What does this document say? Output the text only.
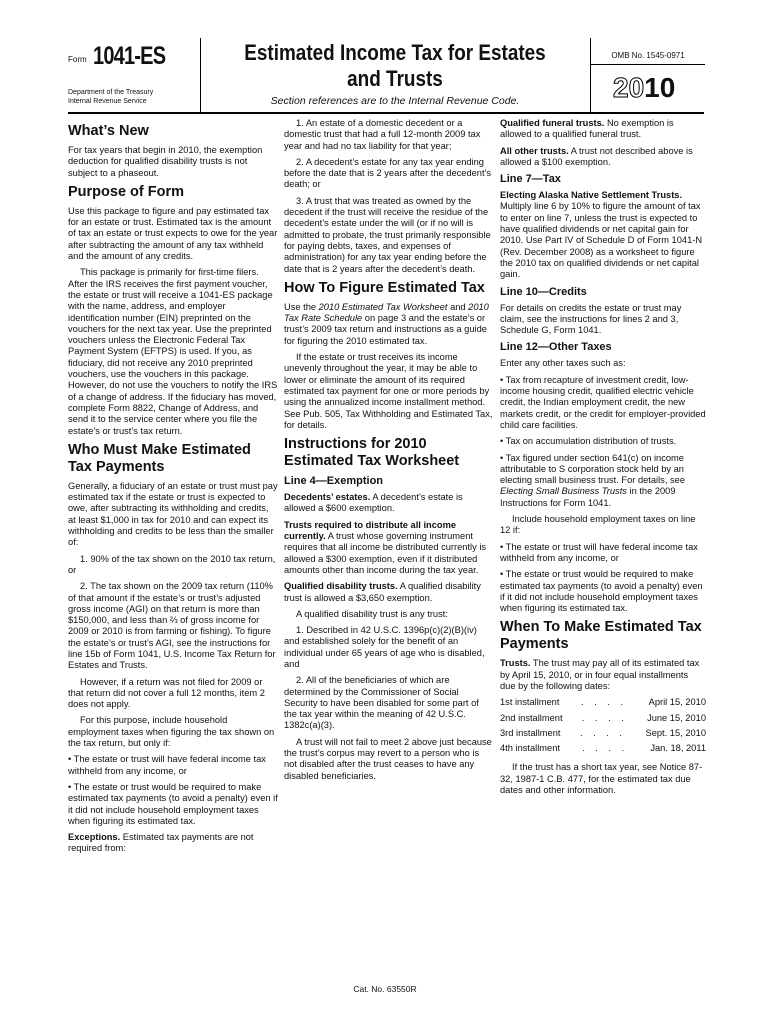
Form 1041-ES
Department of the Treasury
Internal Revenue Service
Estimated Income Tax for Estates
and Trusts
Section references are to the Internal Revenue Code.
OMB No. 1545-0971
2010
What’s New

For tax years that begin in 2010, the exemption deduction for qualified disability trusts is not subject to a phaseout.

Purpose of Form

Use this package to figure and pay estimated tax for an estate or trust. Estimated tax is the amount of tax an estate or trust expects to owe for the year after subtracting the amount of any tax withheld and the amount of any credits.

This package is primarily for first-time filers. After the IRS receives the first payment voucher, the estate or trust will receive a 1041-ES package with the name, address, and employer identification number (EIN) preprinted on the vouchers for the next tax year. Use the preprinted vouchers unless the Electronic Federal Tax Payment System (EFTPS) is used. If you, as fiduciary, did not receive any 2010 preprinted vouchers, use the vouchers in this package. However, do not use the vouchers to notify the IRS of a change of address. If the fiduciary has moved, complete Form 8822, Change of Address, and send it to the service center where you file the estate’s or trust’s tax return.

Who Must Make Estimated Tax Payments

Generally, a fiduciary of an estate or trust must pay estimated tax if the estate or trust is expected to owe, after subtracting its withholding and credits, at least $1,000 in tax for 2010 and can expect its withholding and credits to be less than the smaller of:

1. 90% of the tax shown on the 2010 tax return, or

2. The tax shown on the 2009 tax return (110% of that amount if the estate’s or trust’s adjusted gross income (AGI) on that return is more than $150,000, and less than ⅔ of gross income for 2009 or 2010 is from farming or fishing). To figure the estate’s or trust’s AGI, see the instructions for line 15b of Form 1041, U.S. Income Tax Return for Estates and Trusts.

However, if a return was not filed for 2009 or that return did not cover a full 12 months, item 2 does not apply.

For this purpose, include household employment taxes when figuring the tax shown on the tax return, but only if:

• The estate or trust will have federal income tax withheld from any income, or

• The estate or trust would be required to make estimated tax payments (to avoid a penalty) even if it did not include household employment taxes when figuring its estimated tax.

Exceptions. Estimated tax payments are not required from:

1. An estate of a domestic decedent or a domestic trust that had a full 12-month 2009 tax year and had no tax liability for that year;

2. A decedent’s estate for any tax year ending before the date that is 2 years after the decedent’s death; or

3. A trust that was treated as owned by the decedent if the trust will receive the residue of the decedent’s estate under the will (or if no will is admitted to probate, the trust primarily responsible for paying debts, taxes, and expenses of administration) for any tax year ending before the date that is 2 years after the decedent’s death.

How To Figure Estimated Tax

Use the 2010 Estimated Tax Worksheet and 2010 Tax Rate Schedule on page 3 and the estate’s or trust’s 2009 tax return and instructions as a guide for figuring the 2010 estimated tax.

If the estate or trust receives its income unevenly throughout the year, it may be able to lower or eliminate the amount of its required estimated tax payment for one or more periods by using the annualized income installment method. See Pub. 505, Tax Withholding and Estimated Tax, for details.

Instructions for 2010 Estimated Tax Worksheet
Line 4—Exemption

Decedents’ estates. A decedent’s estate is allowed a $600 exemption.

Trusts required to distribute all income currently. A trust whose governing instrument requires that all income be distributed currently is allowed a $300 exemption, even if it distributed amounts other than income during the tax year.

Qualified disability trusts. A qualified disability trust is allowed a $3,650 exemption.

A qualified disability trust is any trust:

1. Described in 42 U.S.C. 1396p(c)(2)(B)(iv) and established solely for the benefit of an individual under 65 years of age who is disabled, and

2. All of the beneficiaries of which are determined by the Commissioner of Social Security to have been disabled for some part of the tax year within the meaning of 42 U.S.C. 1382c(a)(3).

A trust will not fail to meet 2 above just because the trust’s corpus may revert to a person who is not disabled after the trust ceases to have any disabled beneficiaries.

Qualified funeral trusts. No exemption is allowed to a qualified funeral trust.

All other trusts. A trust not described above is allowed a $100 exemption.

Line 7—Tax

Electing Alaska Native Settlement Trusts. Multiply line 6 by 10% to figure the amount of tax to enter on line 7, unless the trust is expected to have qualified dividends or net capital gain for 2010. Use Part IV of Schedule D of Form 1041-N (Rev. December 2008) as a worksheet to figure the 2010 tax on qualified dividends or net capital gain.

Line 10—Credits

For details on credits the estate or trust may claim, see the instructions for lines 2 and 3, Schedule G, Form 1041.

Line 12—Other Taxes

Enter any other taxes such as:

• Tax from recapture of investment credit, low-income housing credit, qualified electric vehicle credit, the Indian employment credit, the new markets credit, or the credit for employer-provided child care facilities.

• Tax on accumulation distribution of trusts.

• Tax figured under section 641(c) on income attributable to S corporation stock held by an electing small business trust. For details, see Electing Small Business Trusts in the 2009 Instructions for Form 1041.

Include household employment taxes on line 12 if:

• The estate or trust will have federal income tax withheld from any income, or

• The estate or trust would be required to make estimated tax payments (to avoid a penalty) even if it did not include household employment taxes when figuring its estimated tax.

When To Make Estimated Tax Payments

Trusts. The trust may pay all of its estimated tax by April 15, 2010, or in four equal installments due by the following dates:

1st installment	. . . .	April 15, 2010
2nd installment	. . . .	June 15, 2010
3rd installment	. . . .	Sept. 15, 2010
4th installment	. . . .	Jan. 18, 2011

If the trust has a short tax year, see Notice 87-32, 1987-1 C.B. 477, for the estimated tax due dates and other information.

Cat. No. 63550R
